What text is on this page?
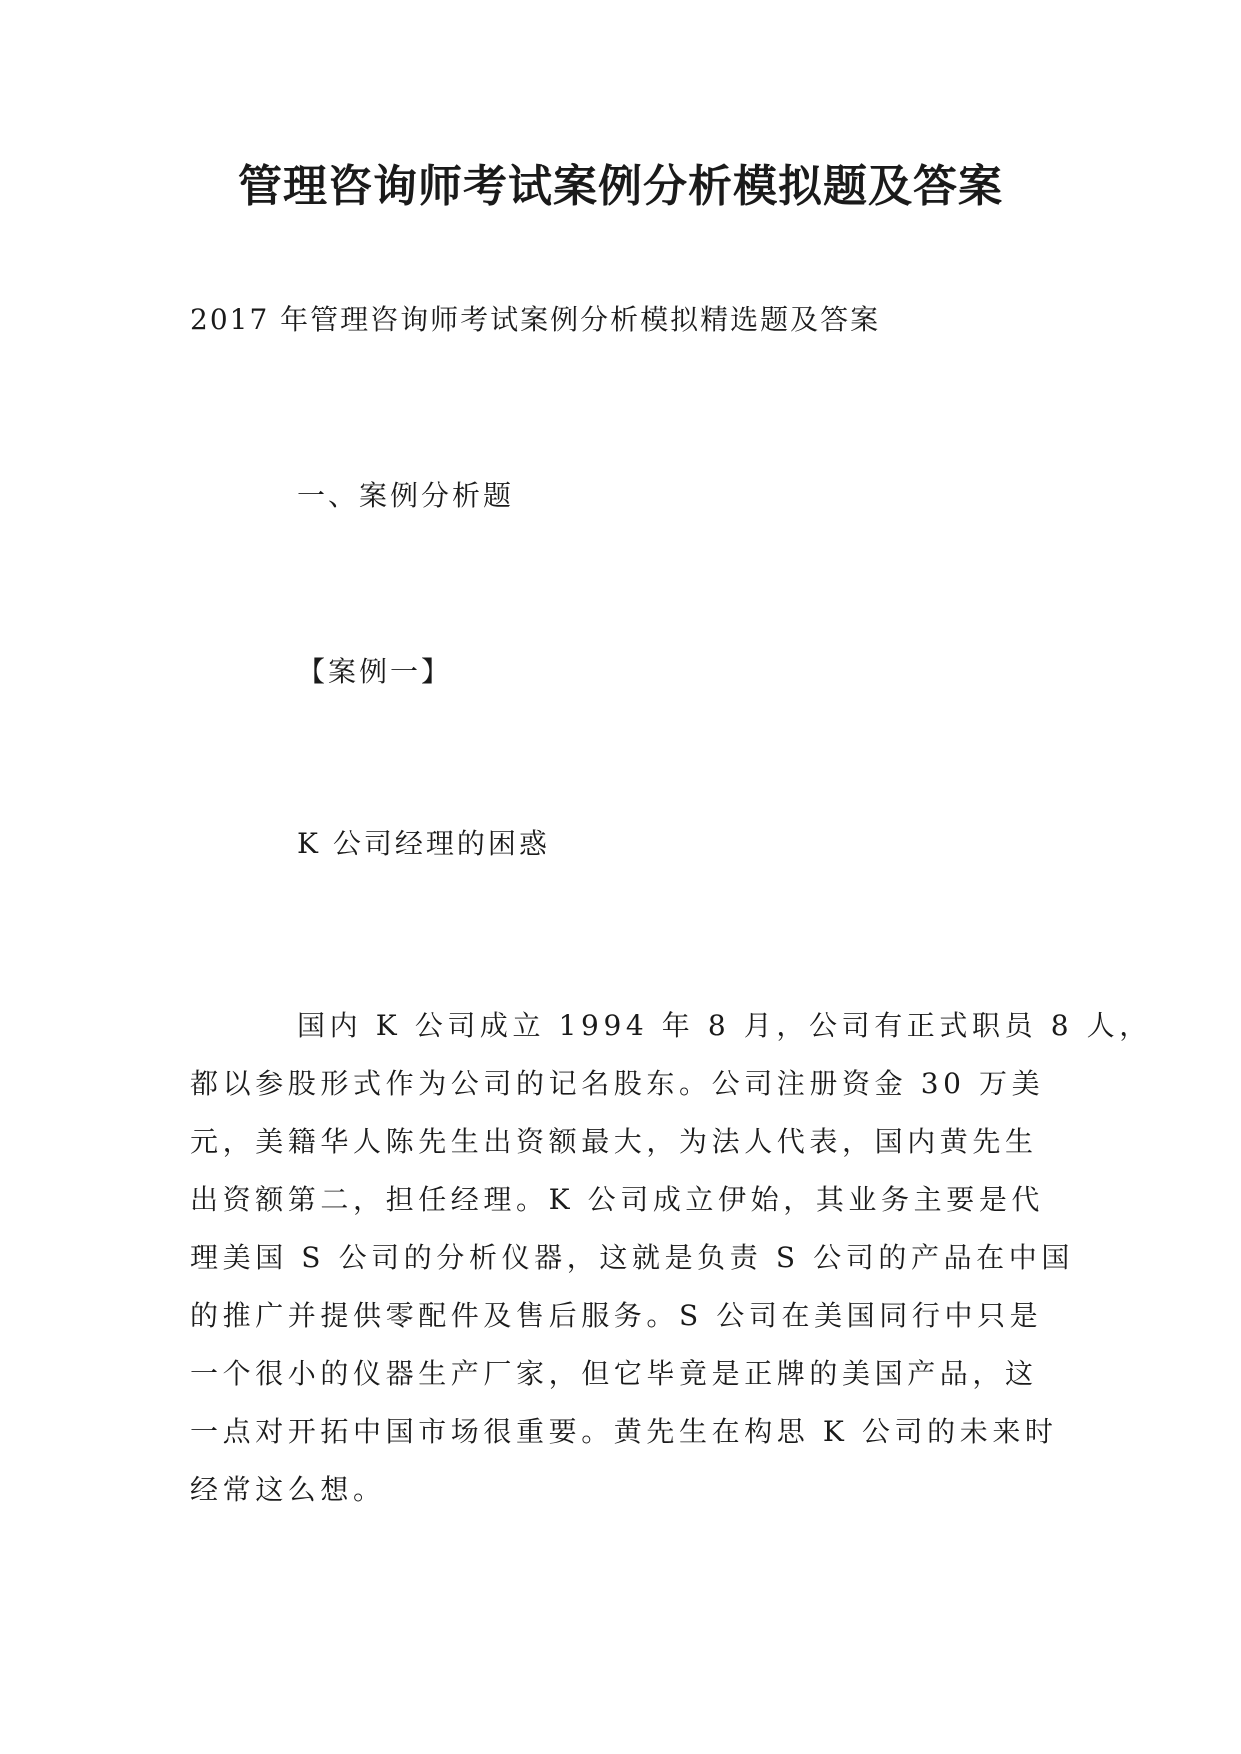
管理咨询师考试案例分析模拟题及答案
2017 年管理咨询师考试案例分析模拟精选题及答案
一、案例分析题
【案例一】
K 公司经理的困惑
国内 K 公司成立 1994 年 8 月，公司有正式职员 8 人，
都以参股形式作为公司的记名股东。公司注册资金 30 万美
元，美籍华人陈先生出资额最大，为法人代表，国内黄先生
出资额第二，担任经理。K 公司成立伊始，其业务主要是代
理美国 S 公司的分析仪器，这就是负责 S 公司的产品在中国
的推广并提供零配件及售后服务。S 公司在美国同行中只是
一个很小的仪器生产厂家，但它毕竟是正牌的美国产品，这
一点对开拓中国市场很重要。黄先生在构思 K 公司的未来时
经常这么想。
